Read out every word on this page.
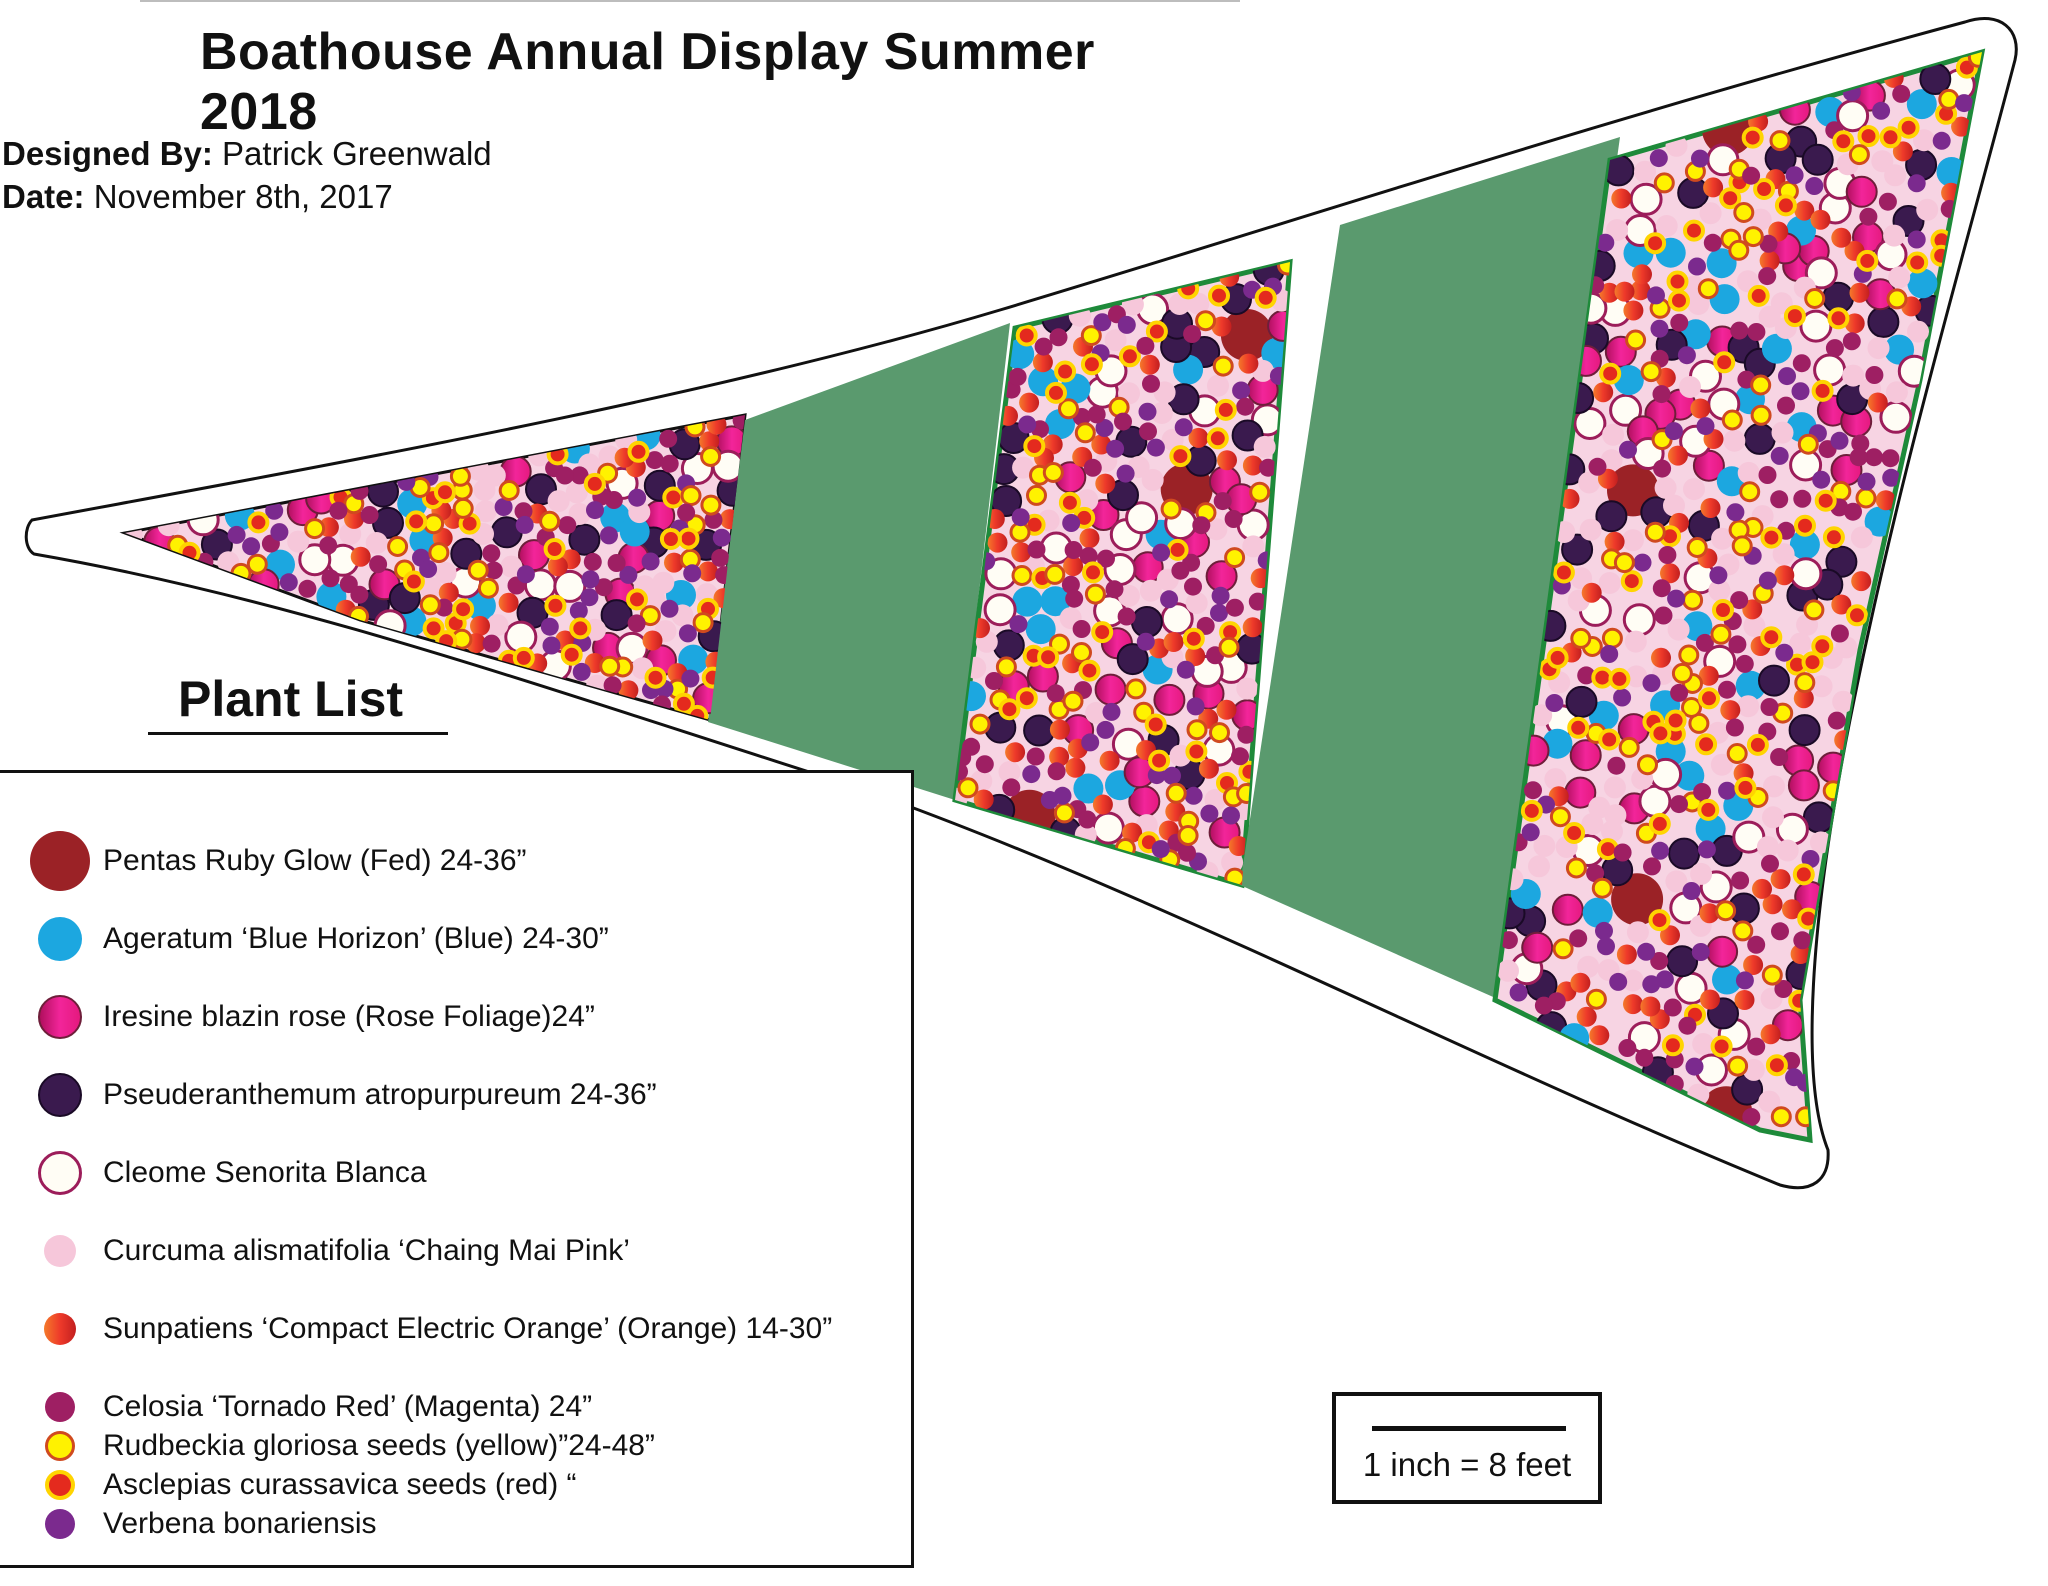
Boathouse Annual Display Summer 2018
Designed By: Patrick Greenwald
Date: November 8th, 2017
Plant List
Pentas Ruby Glow (Fed) 24-36”
Ageratum ‘Blue Horizon’ (Blue) 24-30”
Iresine blazin rose (Rose Foliage)24”
Pseuderanthemum atropurpureum 24-36”
Cleome Senorita Blanca
Curcuma alismatifolia ‘Chaing Mai Pink’
Sunpatiens ‘Compact Electric Orange’ (Orange) 14-30”
Celosia ‘Tornado Red’ (Magenta) 24”
Rudbeckia gloriosa seeds (yellow)”24-48”
Asclepias curassavica seeds (red) “
Verbena bonariensis
1 inch = 8 feet
